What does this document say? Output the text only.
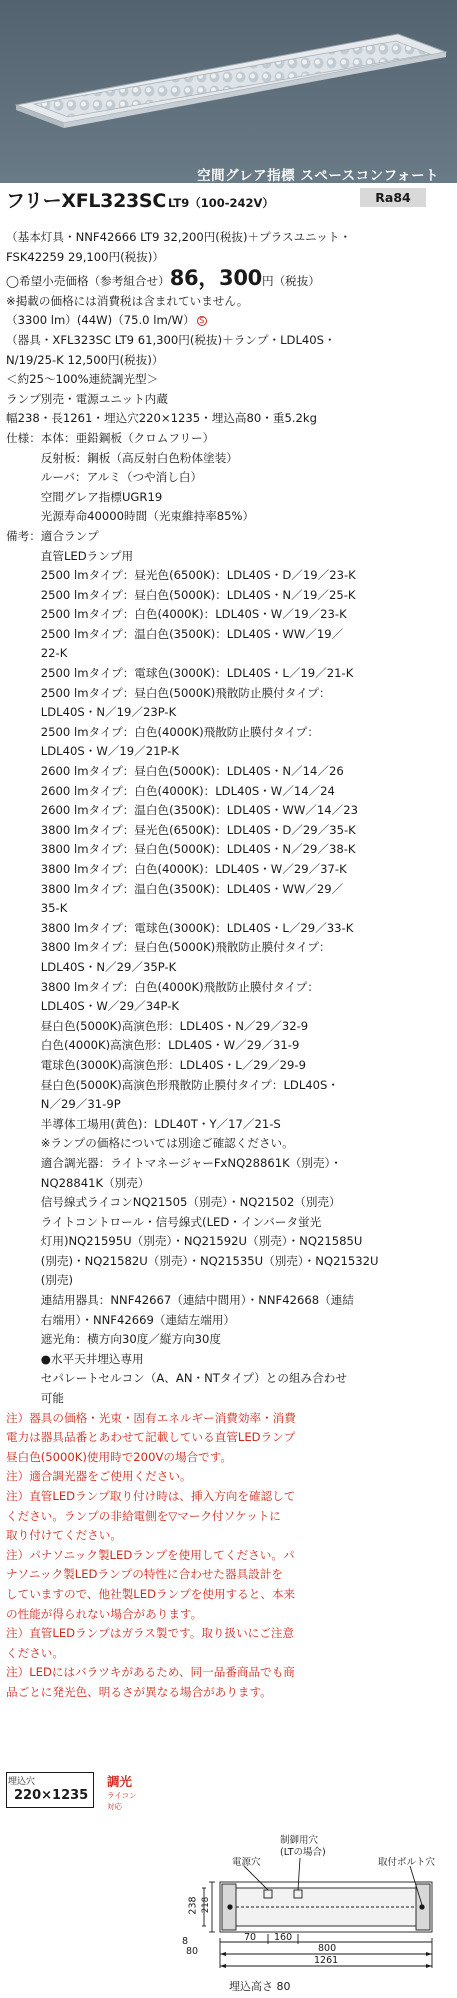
空間グレア指標 スペースコンフォート
フリーXFL323SC LT9（100-242V）	Ra84
（基本灯具・NNF42666 LT9 32,200円(税抜)＋プラスユニット・
FSK42259 29,100円(税抜)）
◯希望小売価格（参考組合せ）86，300円（税抜）
※掲載の価格には消費税は含まれていません。
（3300 lm）(44W)（75.0 lm/W） S
（器具・XFL323SC LT9 61,300円(税抜)＋ランプ・LDL40S・
N/19/25-K 12,500円(税抜)）
＜約25～100%連続調光型＞
ランプ別売・電源ユニット内蔵
幅238・長1261・埋込穴220×1235・埋込高80・重5.2kg
仕様：本体：亜鉛鋼板（クロムフリー）
　　　反射板：鋼板（高反射白色粉体塗装）
　　　ルーバ：アルミ（つや消し白）
　　　空間グレア指標UGR19
　　　光源寿命40000時間（光束維持率85%）
備考：適合ランプ
　　　直管LEDランプ用
　　　2500 lmタイプ：昼光色(6500K)：LDL40S・D／19／23-K
　　　2500 lmタイプ：昼白色(5000K)：LDL40S・N／19／25-K
　　　2500 lmタイプ：白色(4000K)：LDL40S・W／19／23-K
　　　2500 lmタイプ：温白色(3500K)：LDL40S・WW／19／
　　　22-K
　　　2500 lmタイプ：電球色(3000K)：LDL40S・L／19／21-K
　　　2500 lmタイプ：昼白色(5000K)飛散防止膜付タイプ：
　　　LDL40S・N／19／23P-K
　　　2500 lmタイプ：白色(4000K)飛散防止膜付タイプ：
　　　LDL40S・W／19／21P-K
　　　2600 lmタイプ：昼白色(5000K)：LDL40S・N／14／26
　　　2600 lmタイプ：白色(4000K)：LDL40S・W／14／24
　　　2600 lmタイプ：温白色(3500K)：LDL40S・WW／14／23
　　　3800 lmタイプ：昼光色(6500K)：LDL40S・D／29／35-K
　　　3800 lmタイプ：昼白色(5000K)：LDL40S・N／29／38-K
　　　3800 lmタイプ：白色(4000K)：LDL40S・W／29／37-K
　　　3800 lmタイプ：温白色(3500K)：LDL40S・WW／29／
　　　35-K
　　　3800 lmタイプ：電球色(3000K)：LDL40S・L／29／33-K
　　　3800 lmタイプ：昼白色(5000K)飛散防止膜付タイプ：
　　　LDL40S・N／29／35P-K
　　　3800 lmタイプ：白色(4000K)飛散防止膜付タイプ：
　　　LDL40S・W／29／34P-K
　　　昼白色(5000K)高演色形：LDL40S・N／29／32-9
　　　白色(4000K)高演色形：LDL40S・W／29／31-9
　　　電球色(3000K)高演色形：LDL40S・L／29／29-9
　　　昼白色(5000K)高演色形飛散防止膜付タイプ：LDL40S・
　　　N／29／31-9P
　　　半導体工場用(黄色)：LDL40T・Y／17／21-S
　　　※ランプの価格については別途ご確認ください。
　　　適合調光器：ライトマネージャーFxNQ28861K（別売）・
　　　NQ28841K（別売）
　　　信号線式ライコンNQ21505（別売）・NQ21502（別売）
　　　ライトコントロール・信号線式(LED・インバータ蛍光
　　　灯用)NQ21595U（別売）・NQ21592U（別売）・NQ21585U
　　　(別売)・NQ21582U（別売）・NQ21535U（別売）・NQ21532U
　　　(別売)
　　　連結用器具：NNF42667（連結中間用）・NNF42668（連結
　　　右端用）・NNF42669（連結左端用）
　　　遮光角：横方向30度／縦方向30度
　　　●水平天井埋込専用
　　　セパレートセルコン（A、AN・NTタイプ）との組み合わせ
　　　可能
注）器具の価格・光束・固有エネルギー消費効率・消費
電力は器具品番とあわせて記載している直管LEDランプ
昼白色(5000K)使用時で200Vの場合です。
注）適合調光器をご使用ください。
注）直管LEDランプ取り付け時は、挿入方向を確認して
ください。ランプの非給電側を▽マーク付ソケットに
取り付けてください。
注）パナソニック製LEDランプを使用してください。パ
ナソニック製LEDランプの特性に合わせた器具設計を
していますので、他社製LEDランプを使用すると、本来
の性能が得られない場合があります。
注）直管LEDランプはガラス製です。取り扱いにご注意
ください。
注）LEDにはバラツキがあるため、同一品番商品でも商
品ごとに発光色、明るさが異なる場合があります。
埋込穴
220×1235
調光
ライコン対応
電源穴
制御用穴
(LTの場合)
取付ボルト穴
238 218
8
80
70 160
800
1261
埋込高さ 80
